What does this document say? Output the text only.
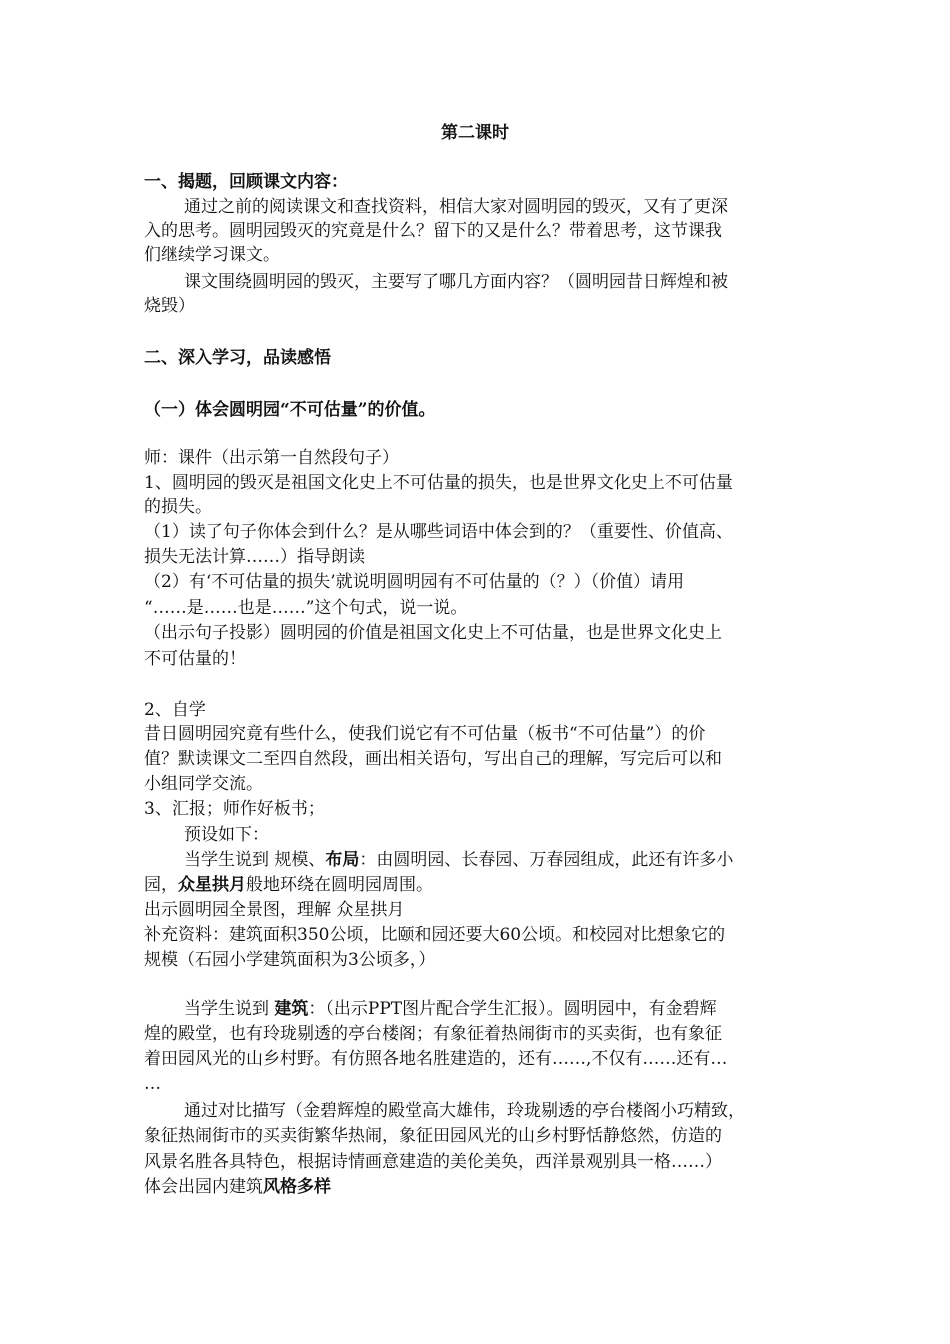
第二课时
一、揭题，回顾课文内容：
通过之前的阅读课文和查找资料，相信大家对圆明园的毁灭，又有了更深
入的思考。圆明园毁灭的究竟是什么？留下的又是什么？带着思考，这节课我
们继续学习课文。
课文围绕圆明园的毁灭，主要写了哪几方面内容？（圆明园昔日辉煌和被
烧毁）
二、深入学习，品读感悟
（一）体会圆明园“不可估量”的价值。
师：课件（出示第一自然段句子）
1、圆明园的毁灭是祖国文化史上不可估量的损失，也是世界文化史上不可估量
的损失。
（1）读了句子你体会到什么？是从哪些词语中体会到的？（重要性、价值高、
损失无法计算……）指导朗读
（2）有‘不可估量的损失’就说明圆明园有不可估量的（？）（价值）请用
“……是……也是……”这个句式，说一说。
（出示句子投影）圆明园的价值是祖国文化史上不可估量，也是世界文化史上
不可估量的！
2、自学
昔日圆明园究竟有些什么，使我们说它有不可估量（板书“不可估量”）的价
值？默读课文二至四自然段，画出相关语句，写出自己的理解，写完后可以和
小组同学交流。
3、汇报；师作好板书；
预设如下：
当学生说到 规模、布局：由圆明园、长春园、万春园组成，此还有许多小
园，众星拱月般地环绕在圆明园周围。
出示圆明园全景图，理解 众星拱月
补充资料：建筑面积350公顷，比颐和园还要大60公顷。和校园对比想象它的
规模（石园小学建筑面积为3公顷多，）
当学生说到 建筑：（出示PPT图片配合学生汇报）。圆明园中，有金碧辉
煌的殿堂，也有玲珑剔透的亭台楼阁；有象征着热闹街市的买卖街，也有象征
着田园风光的山乡村野。有仿照各地名胜建造的，还有……,不仅有……还有…
…
通过对比描写（金碧辉煌的殿堂高大雄伟，玲珑剔透的亭台楼阁小巧精致，
象征热闹街市的买卖街繁华热闹，象征田园风光的山乡村野恬静悠然，仿造的
风景名胜各具特色，根据诗情画意建造的美伦美奂，西洋景观别具一格……）
体会出园内建筑风格多样
